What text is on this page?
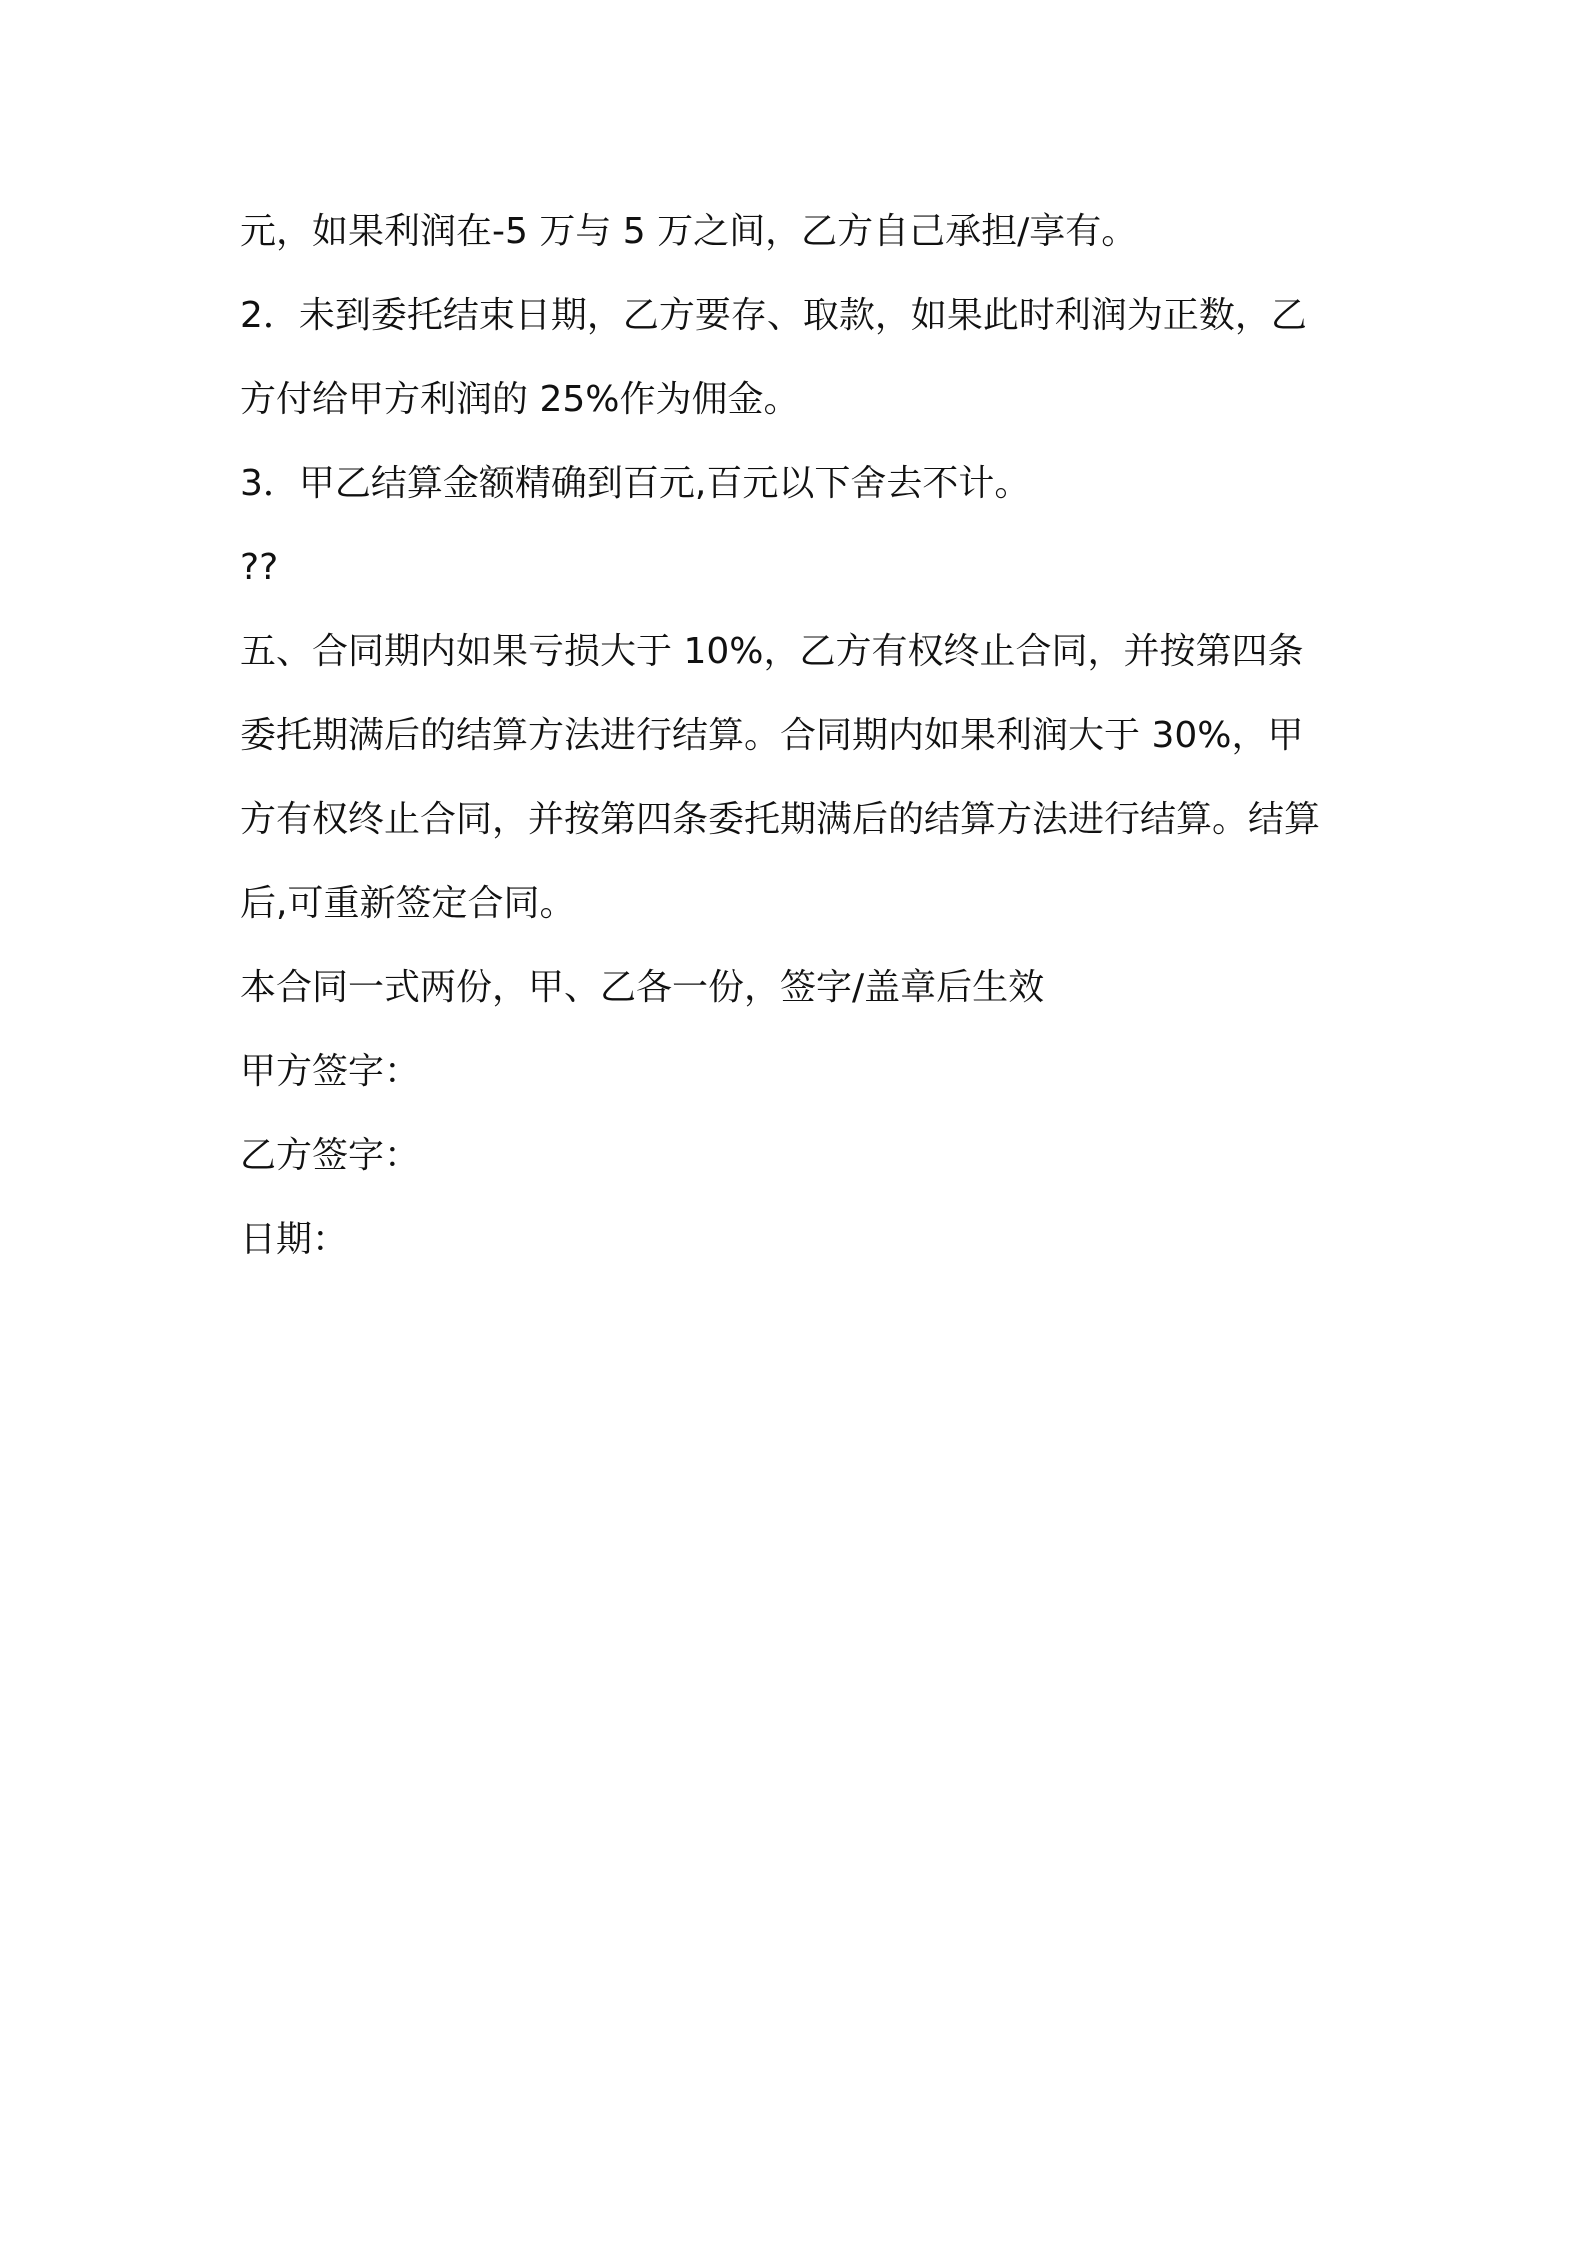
元，如果利润在-5 万与 5 万之间，乙方自己承担/享有。

2．未到委托结束日期，乙方要存、取款，如果此时利润为正数，乙

方付给甲方利润的 25%作为佣金。

3．甲乙结算金额精确到百元,百元以下舍去不计。

??

五、合同期内如果亏损大于 10%，乙方有权终止合同，并按第四条

委托期满后的结算方法进行结算。合同期内如果利润大于 30%，甲

方有权终止合同，并按第四条委托期满后的结算方法进行结算。结算

后,可重新签定合同。

本合同一式两份，甲、乙各一份，签字/盖章后生效

甲方签字：

乙方签字：

日期：
